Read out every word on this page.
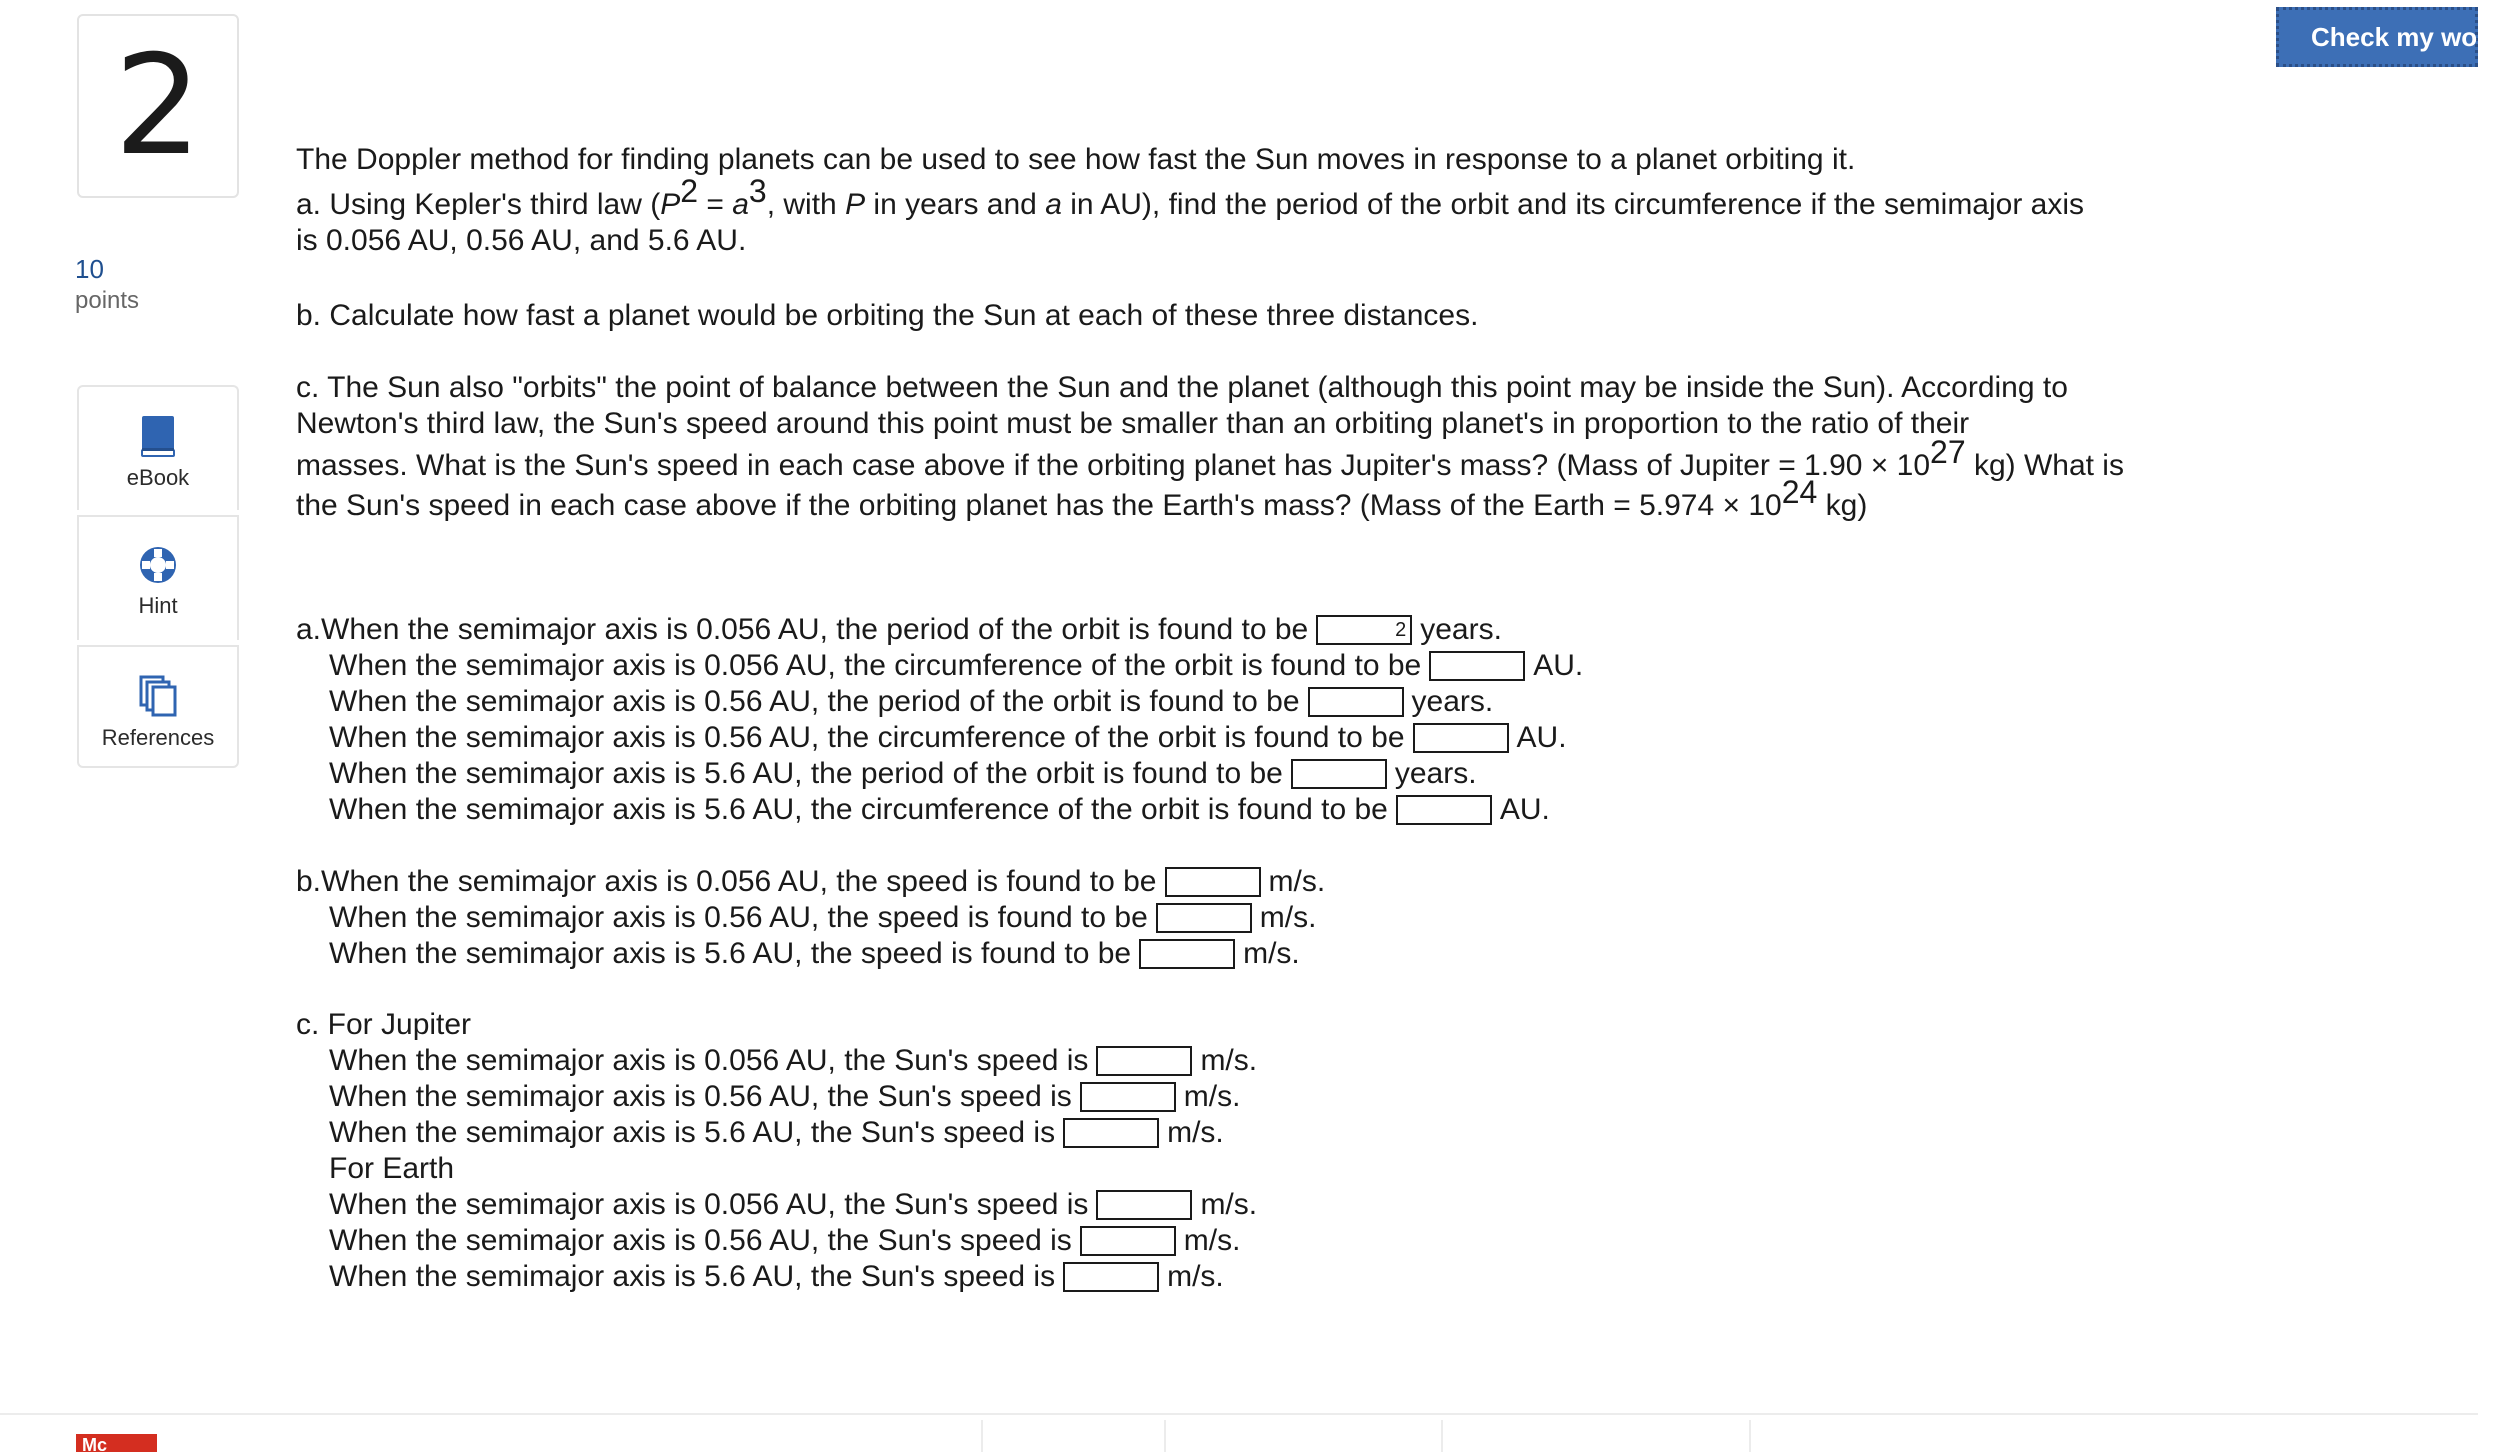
2
10
points
eBook
Hint
References
Check my work
The Doppler method for finding planets can be used to see how fast the Sun moves in response to a planet orbiting it.
a. Using Kepler's third law ($P^2 = a^3$, with P in years and a in AU), find the period of the orbit and its circumference if the semimajor axis
is 0.056 AU, 0.56 AU, and 5.6 AU.
b. Calculate how fast a planet would be orbiting the Sun at each of these three distances.
c. The Sun also "orbits" the point of balance between the Sun and the planet (although this point may be inside the Sun). According to
Newton's third law, the Sun's speed around this point must be smaller than an orbiting planet's in proportion to the ratio of their
masses. What is the Sun's speed in each case above if the orbiting planet has Jupiter's mass? (Mass of Jupiter = $1.90 \times 10^{27}$ kg) What is
the Sun's speed in each case above if the orbiting planet has the Earth's mass? (Mass of the Earth = $5.974 \times 10^{24}$ kg)
a. When the semimajor axis is 0.056 AU, the period of the orbit is found to be	2 years.
When the semimajor axis is 0.056 AU, the circumference of the orbit is found to be	AU.
When the semimajor axis is 0.56 AU, the period of the orbit is found to be	years.
When the semimajor axis is 0.56 AU, the circumference of the orbit is found to be	AU.
When the semimajor axis is 5.6 AU, the period of the orbit is found to be	years.
When the semimajor axis is 5.6 AU, the circumference of the orbit is found to be	AU.
b. When the semimajor axis is 0.056 AU, the speed is found to be	m/s.
When the semimajor axis is 0.56 AU, the speed is found to be	m/s.
When the semimajor axis is 5.6 AU, the speed is found to be	m/s.
c. For Jupiter
When the semimajor axis is 0.056 AU, the Sun's speed is	m/s.
When the semimajor axis is 0.56 AU, the Sun's speed is	m/s.
When the semimajor axis is 5.6 AU, the Sun's speed is	m/s.
For Earth
When the semimajor axis is 0.056 AU, the Sun's speed is	m/s.
When the semimajor axis is 0.56 AU, the Sun's speed is	m/s.
When the semimajor axis is 5.6 AU, the Sun's speed is	m/s.
Mc
